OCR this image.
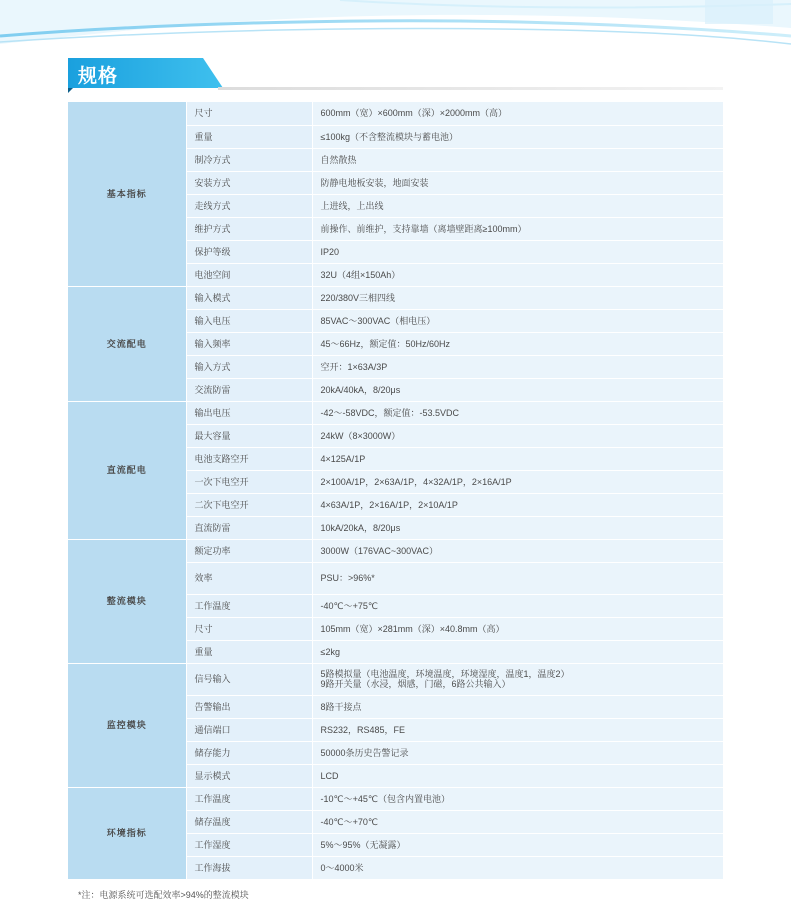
规格
基本指标	尺寸	600mm（宽）×600mm（深）×2000mm（高）

	重量	≤100kg（不含整流模块与蓄电池）

	制冷方式	自然散热

	安装方式	防静电地板安装，地面安装

	走线方式	上进线，上出线

	维护方式	前操作、前维护，支持靠墙（离墙壁距离≥100mm）

	保护等级	IP20

	电池空间	32U（4组×150Ah）

交流配电	输入模式	220/380V三相四线

	输入电压	85VAC～300VAC（相电压）

	输入频率	45～66Hz，额定值：50Hz/60Hz

	输入方式	空开：1×63A/3P

	交流防雷	20kA/40kA，8/20μs

直流配电	输出电压	-42～-58VDC，额定值：-53.5VDC

	最大容量	24kW（8×3000W）

	电池支路空开	4×125A/1P

	一次下电空开	2×100A/1P，2×63A/1P，4×32A/1P，2×16A/1P

	二次下电空开	4×63A/1P，2×16A/1P，2×10A/1P

	直流防雷	10kA/20kA，8/20μs

整流模块	额定功率	3000W（176VAC~300VAC）

	效率	PSU：>96%*

	工作温度	-40℃～+75℃

	尺寸	105mm（宽）×281mm（深）×40.8mm（高）

	重量	≤2kg

监控模块	信号输入	5路模拟量（电池温度，环境温度，环境湿度，温度1，温度2）
9路开关量（水浸，烟感，门磁，6路公共输入）

	告警输出	8路干接点

	通信端口	RS232，RS485，FE

	储存能力	50000条历史告警记录

	显示模式	LCD

环境指标	工作温度	-10℃～+45℃（包含内置电池）

	储存温度	-40℃～+70℃

	工作湿度	5%～95%（无凝露）

	工作海拔	0～4000米
*注：电源系统可选配效率>94%的整流模块
